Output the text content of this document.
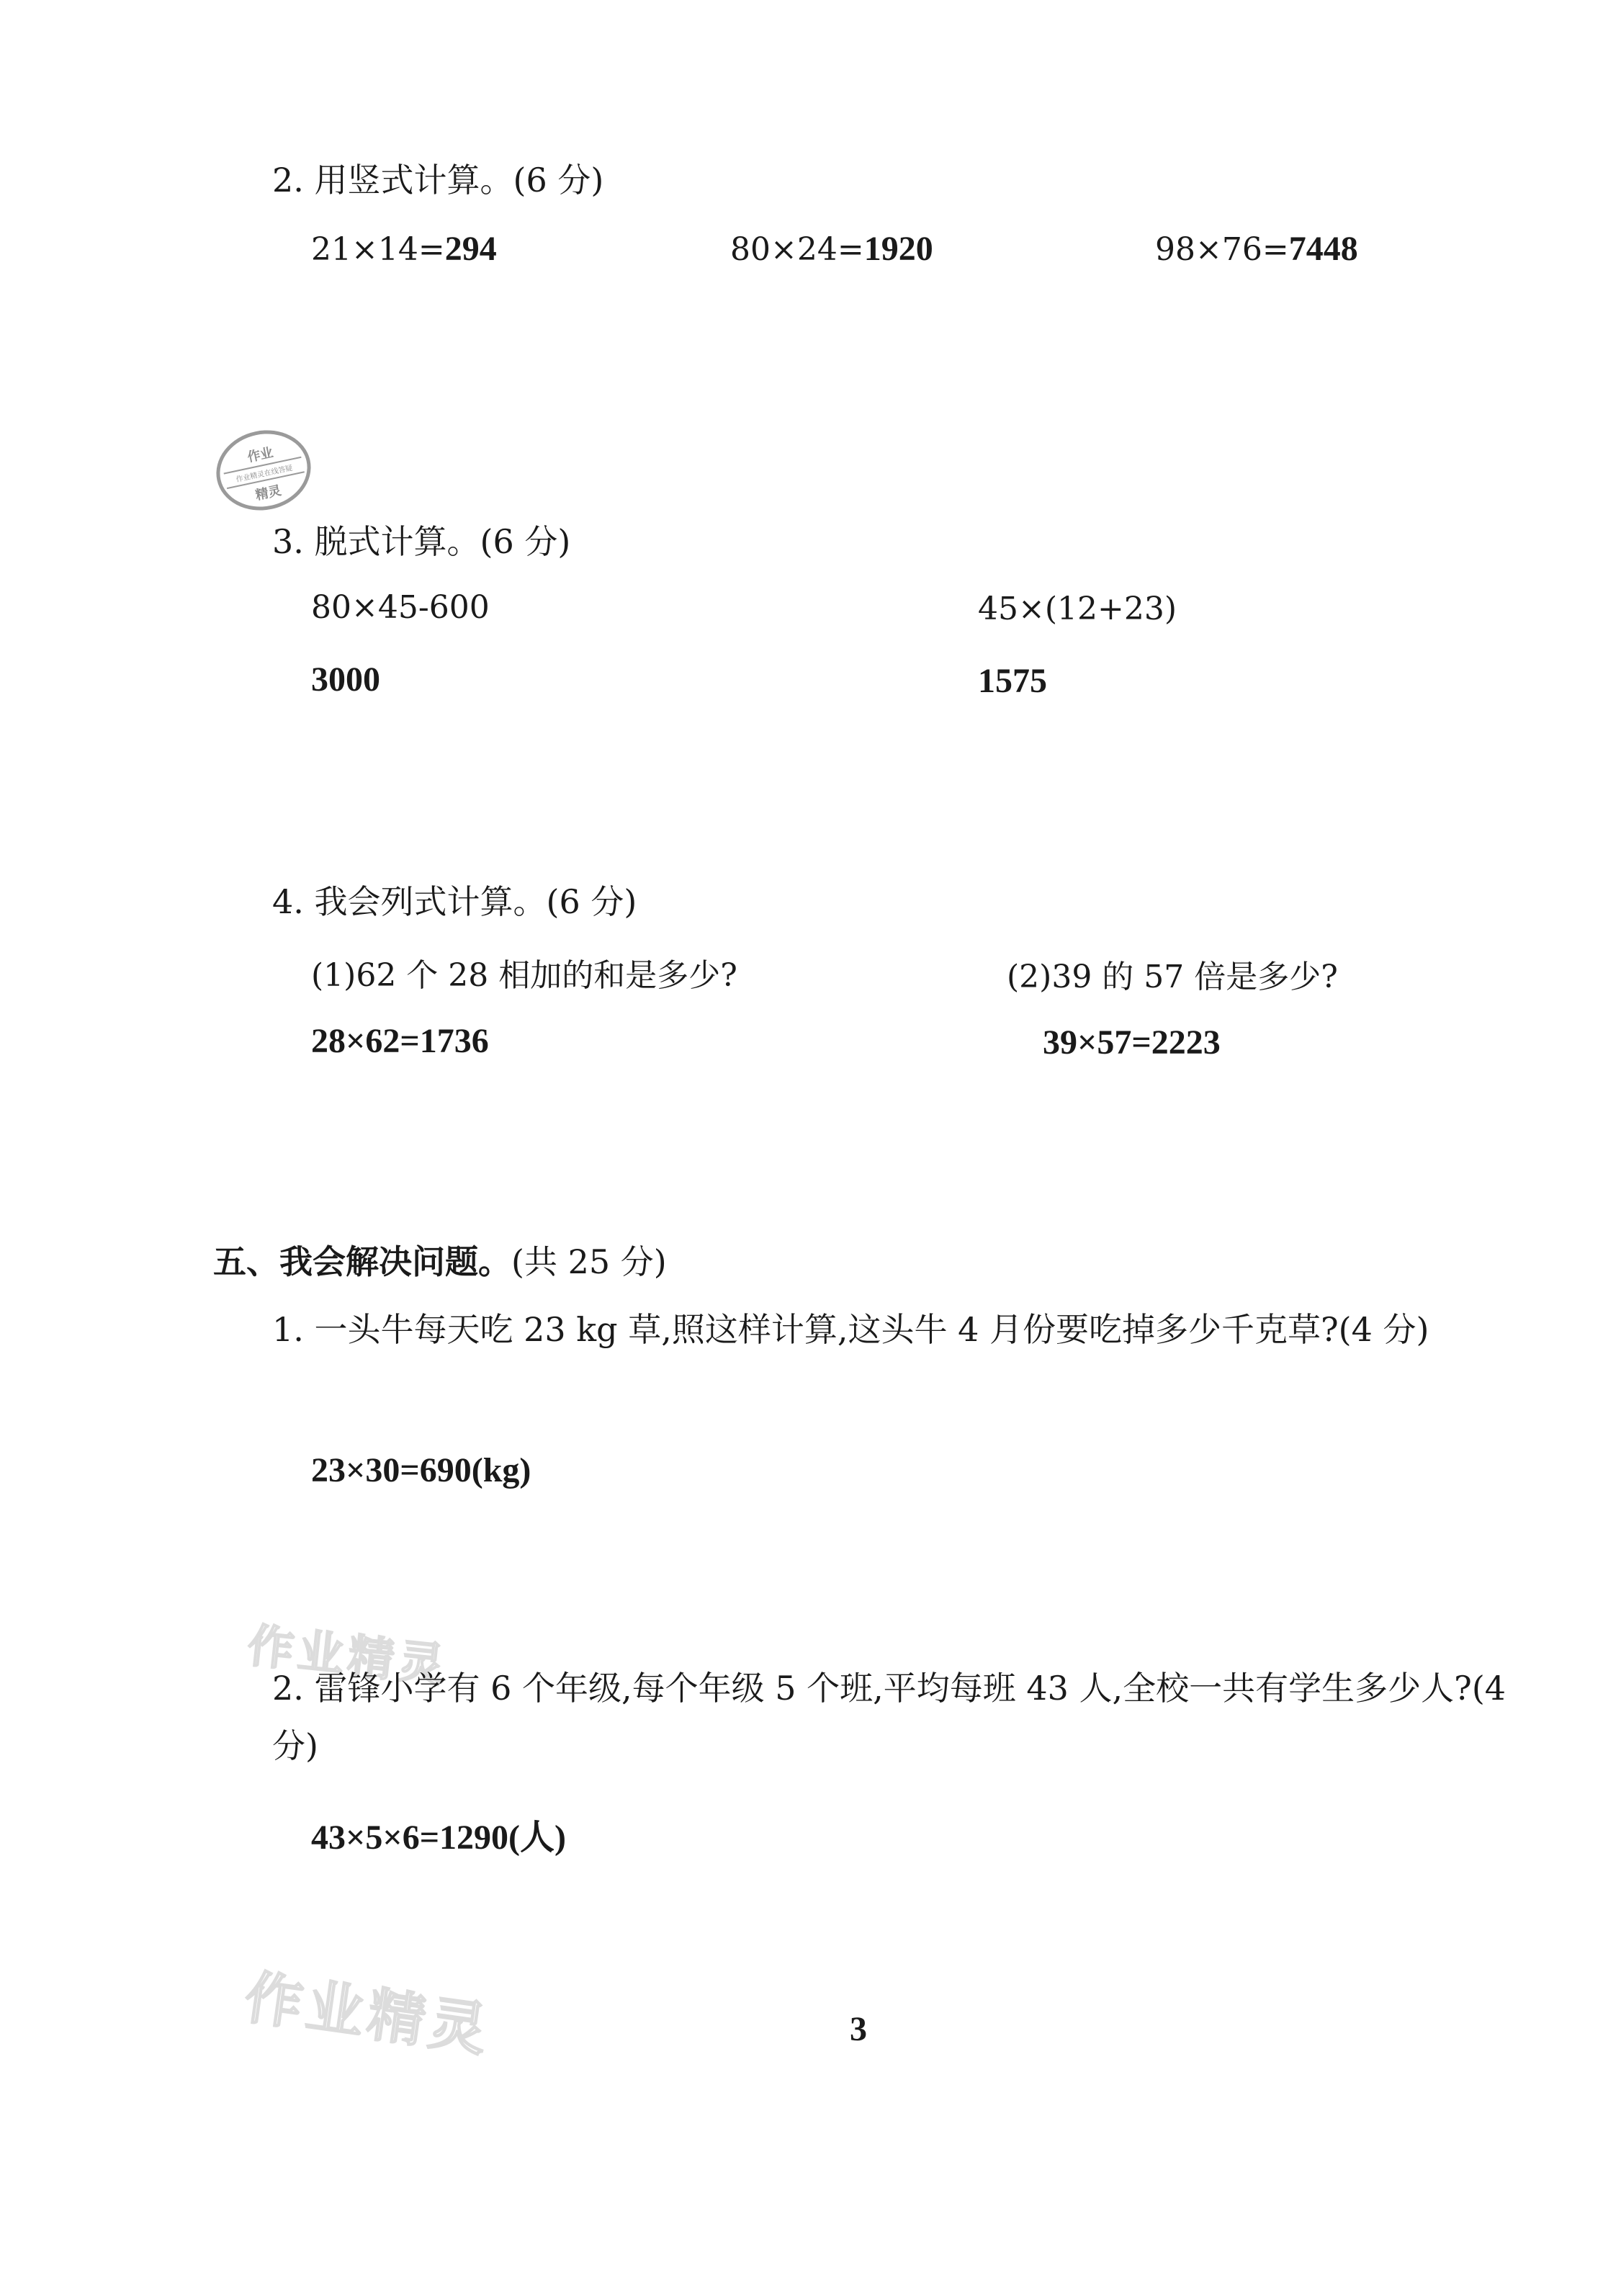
2. 用竖式计算。(6 分)
21×14=294	80×24=1920	98×76=7448
作业
作业精灵在线答疑
精灵
3. 脱式计算。(6 分)
80×45-600
3000
45×(12+23)
1575
4. 我会列式计算。(6 分)
(1)62 个 28 相加的和是多少?
28×62=1736
(2)39 的 57 倍是多少?
39×57=2223
五、我会解决问题。(共 25 分)
1. 一头牛每天吃 23 kg 草,照这样计算,这头牛 4 月份要吃掉多少千克草?(4 分)
23×30=690(kg)
作业精灵
2. 雷锋小学有 6 个年级,每个年级 5 个班,平均每班 43 人,全校一共有学生多少人?(4 分)
43×5×6=1290(人)
作业精灵	3
